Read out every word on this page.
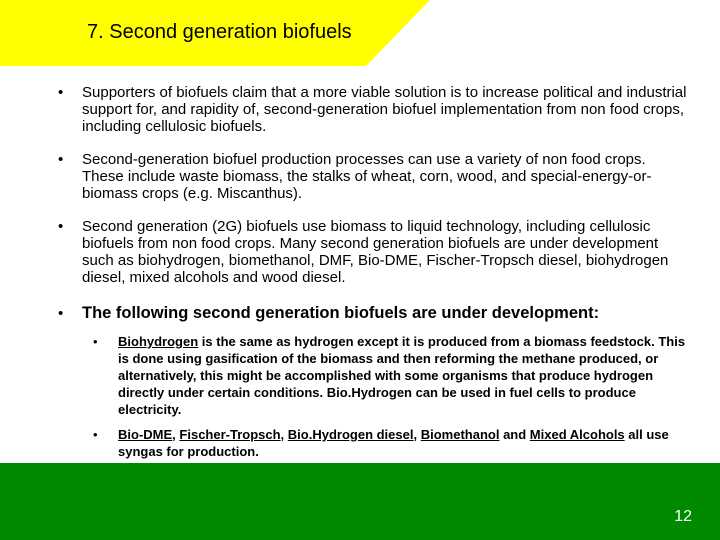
7. Second generation biofuels
• Supporters of biofuels claim that a more viable solution is to increase political and industrial support for, and rapidity of, second-generation biofuel implementation from non food crops, including cellulosic biofuels.
• Second-generation biofuel production processes can use a variety of non food crops. These include waste biomass, the stalks of wheat, corn, wood, and special-energy-or-biomass crops (e.g. Miscanthus).
• Second generation (2G) biofuels use biomass to liquid technology, including cellulosic biofuels from non food crops. Many second generation biofuels are under development such as biohydrogen, biomethanol, DMF, Bio-DME, Fischer-Tropsch diesel, biohydrogen diesel, mixed alcohols and wood diesel.
• The following second generation biofuels are under development:
• Biohydrogen is the same as hydrogen except it is produced from a biomass feedstock. This is done using gasification of the biomass and then reforming the methane produced, or alternatively, this might be accomplished with some organisms that produce hydrogen directly under certain conditions. Bio.Hydrogen can be used in fuel cells to produce electricity.
• Bio-DME, Fischer-Tropsch, Bio.Hydrogen diesel, Biomethanol and Mixed Alcohols all use syngas for production.
12
